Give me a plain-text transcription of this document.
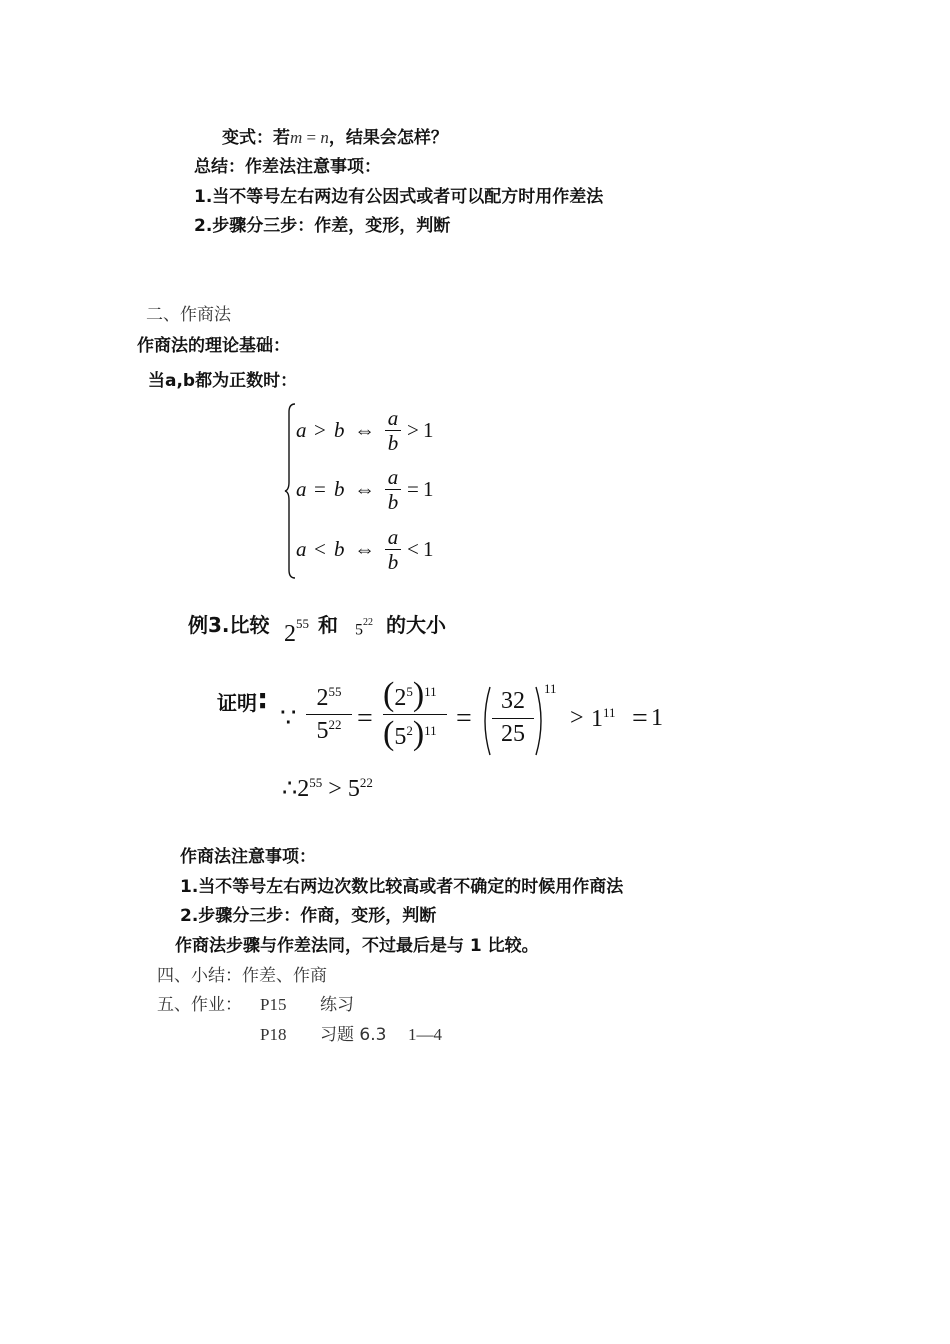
变式：若m = n，结果会怎样？
总结：作差法注意事项：
1.当不等号左右两边有公因式或者可以配方时用作差法
2.步骤分三步：作差，变形，判断
二、作商法
作商法的理论基础：
当a,b都为正数时：
a > b ⇔ a
b
> 1
a = b ⇔ a
b
= 1
a < b ⇔ a
b
< 1
例3.比较 $2^{55}$ 和 $5^{22}$ 的大小
证明:
∵
$2^{55}$
$5^{22}$ =
$(2^5)^{11}$
$(5^2)^{11}$ =
32
25
11
> $1^{11} = 1$
$\therefore 2^{55} > 5^{22}$
作商法注意事项：
1.当不等号左右两边次数比较高或者不确定的时候用作商法
2.步骤分三步：作商，变形，判断
作商法步骤与作差法同，不过最后是与 1 比较。
四、小结：作差、作商
五、作业： P15 练习
P18 习题 6.3 1—4
